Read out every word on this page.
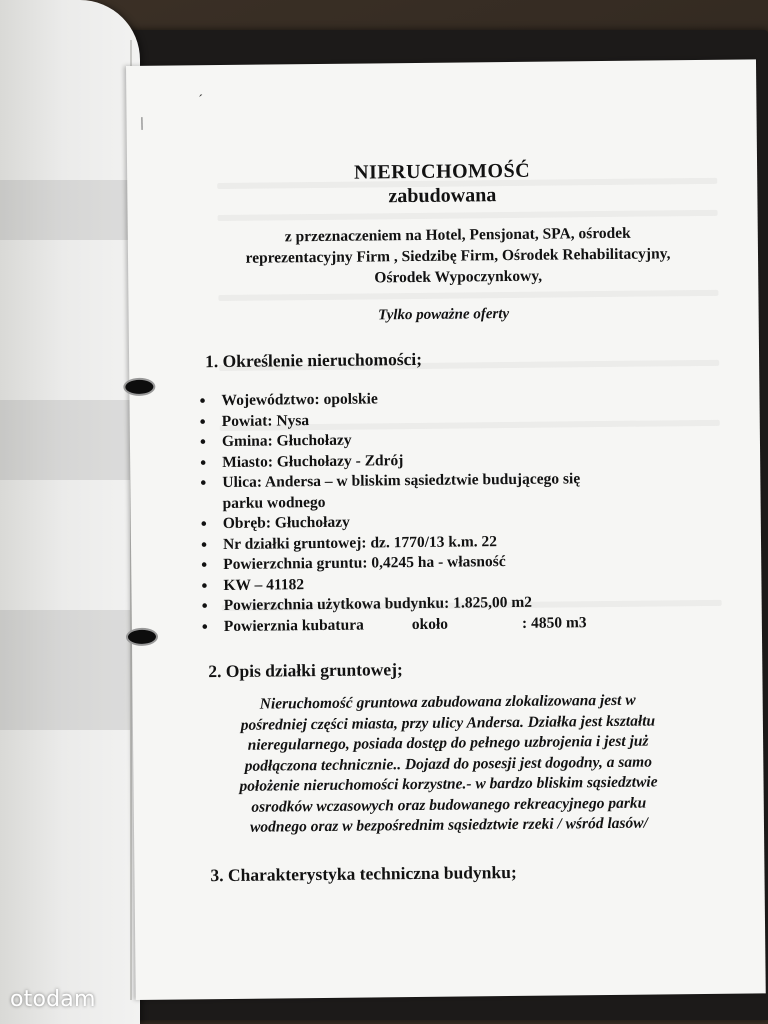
ˊ
|
NIERUCHOMOŚĆ
zabudowana
z przeznaczeniem na Hotel, Pensjonat, SPA, ośrodek
reprezentacyjny Firm , Siedzibę Firm, Ośrodek Rehabilitacyjny,
Ośrodek Wypoczynkowy,
Tylko poważne oferty
1. Określenie nieruchomości;
• Województwo: opolskie
• Powiat: Nysa
• Gmina: Głuchołazy
• Miasto: Głuchołazy - Zdrój
• Ulica: Andersa – w bliskim sąsiedztwie budującego się
parku wodnego
• Obręb: Głuchołazy
• Nr działki gruntowej: dz. 1770/13 k.m. 22
• Powierzchnia gruntu: 0,4245 ha - własność
• KW – 41182
• Powierzchnia użytkowa budynku: 1.825,00 m2
• Powierznia kubatura	około	: 4850 m3
2. Opis działki gruntowej;
Nieruchomość gruntowa zabudowana zlokalizowana jest w
pośredniej części miasta, przy ulicy Andersa. Działka jest kształtu
nieregularnego, posiada dostęp do pełnego uzbrojenia i jest już
podłączona technicznie.. Dojazd do posesji jest dogodny, a samo
położenie nieruchomości korzystne.- w bardzo bliskim sąsiedztwie
osrodków wczasowych oraz budowanego rekreacyjnego parku
wodnego oraz w bezpośrednim sąsiedztwie rzeki / wśród lasów/
3. Charakterystyka techniczna budynku;
otodam
